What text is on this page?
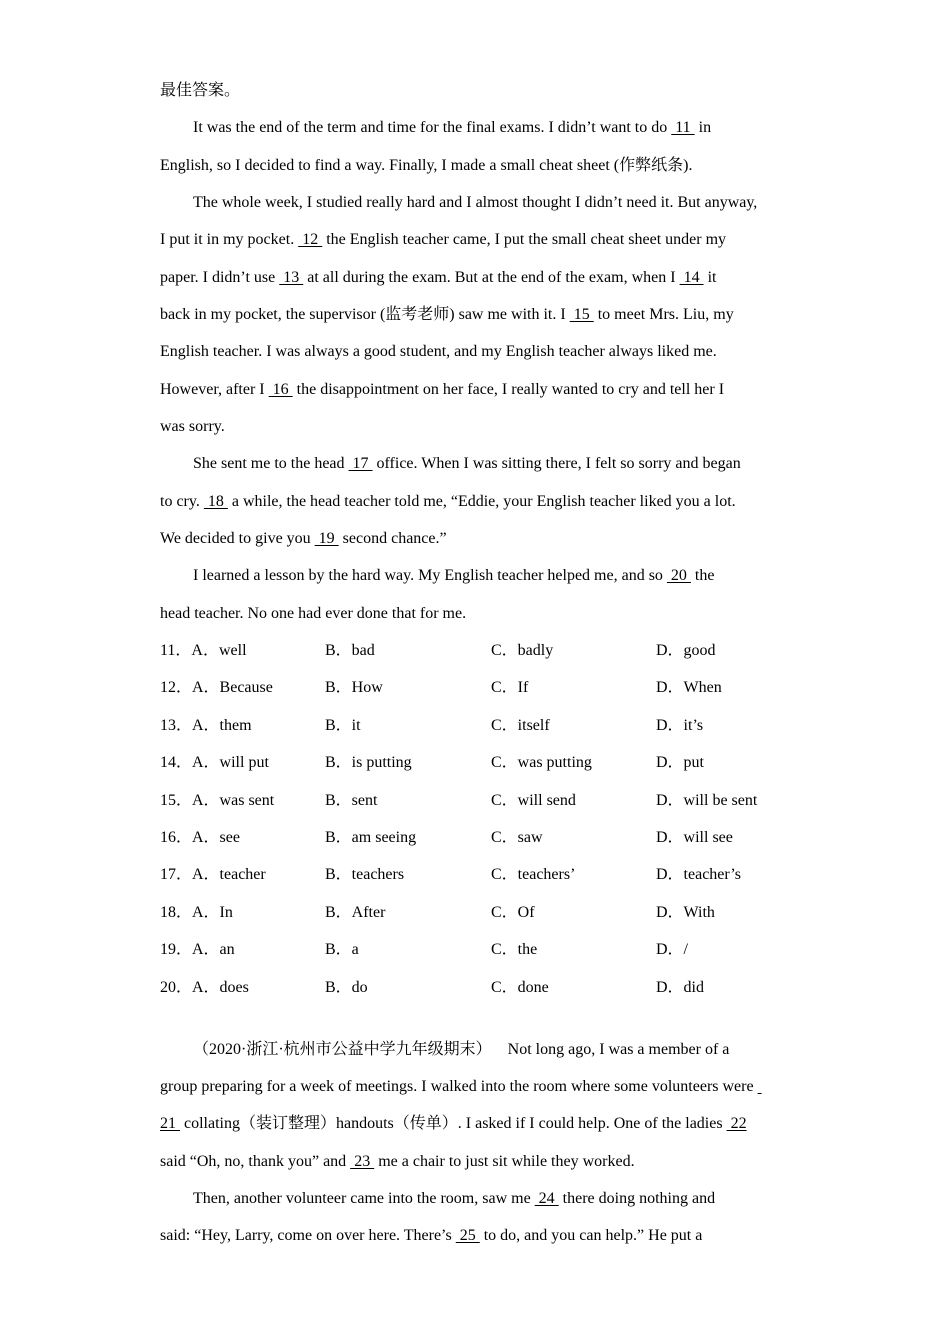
最佳答案。
It was the end of the term and time for the final exams. I didn’t want to do  11  in
English, so I decided to find a way. Finally, I made a small cheat sheet (作弊纸条).
The whole week, I studied really hard and I almost thought I didn’t need it. But anyway,
I put it in my pocket.  12  the English teacher came, I put the small cheat sheet under my
paper. I didn’t use  13  at all during the exam. But at the end of the exam, when I  14  it
back in my pocket, the supervisor (监考老师) saw me with it. I  15  to meet Mrs. Liu, my
English teacher. I was always a good student, and my English teacher always liked me.
However, after I  16  the disappointment on her face, I really wanted to cry and tell her I
was sorry.
She sent me to the head  17  office. When I was sitting there, I felt so sorry and began
to cry.  18  a while, the head teacher told me, “Eddie, your English teacher liked you a lot.
We decided to give you  19  second chance.”
I learned a lesson by the hard way. My English teacher helped me, and so  20  the
head teacher. No one had ever done that for me.
11．A．well	B．bad	C．badly	D．good
12．A．Because	B．How	C．If	D．When
13．A．them	B．it	C．itself	D．it’s
14．A．will put	B．is putting	C．was putting	D．put
15．A．was sent	B．sent	C．will send	D．will be sent
16．A．see	B．am seeing	C．saw	D．will see
17．A．teacher	B．teachers	C．teachers’	D．teacher’s
18．A．In	B．After	C．Of	D．With
19．A．an	B．a	C．the	D．/
20．A．does	B．do	C．done	D．did
（2020·浙江·杭州市公益中学九年级期末）    Not long ago, I was a member of a
group preparing for a week of meetings. I walked into the room where some volunteers were
21  collating（装订整理）handouts（传单）. I asked if I could help. One of the ladies  22
said “Oh, no, thank you” and  23  me a chair to just sit while they worked.
Then, another volunteer came into the room, saw me  24  there doing nothing and
said: “Hey, Larry, come on over here. There’s  25  to do, and you can help.” He put a
